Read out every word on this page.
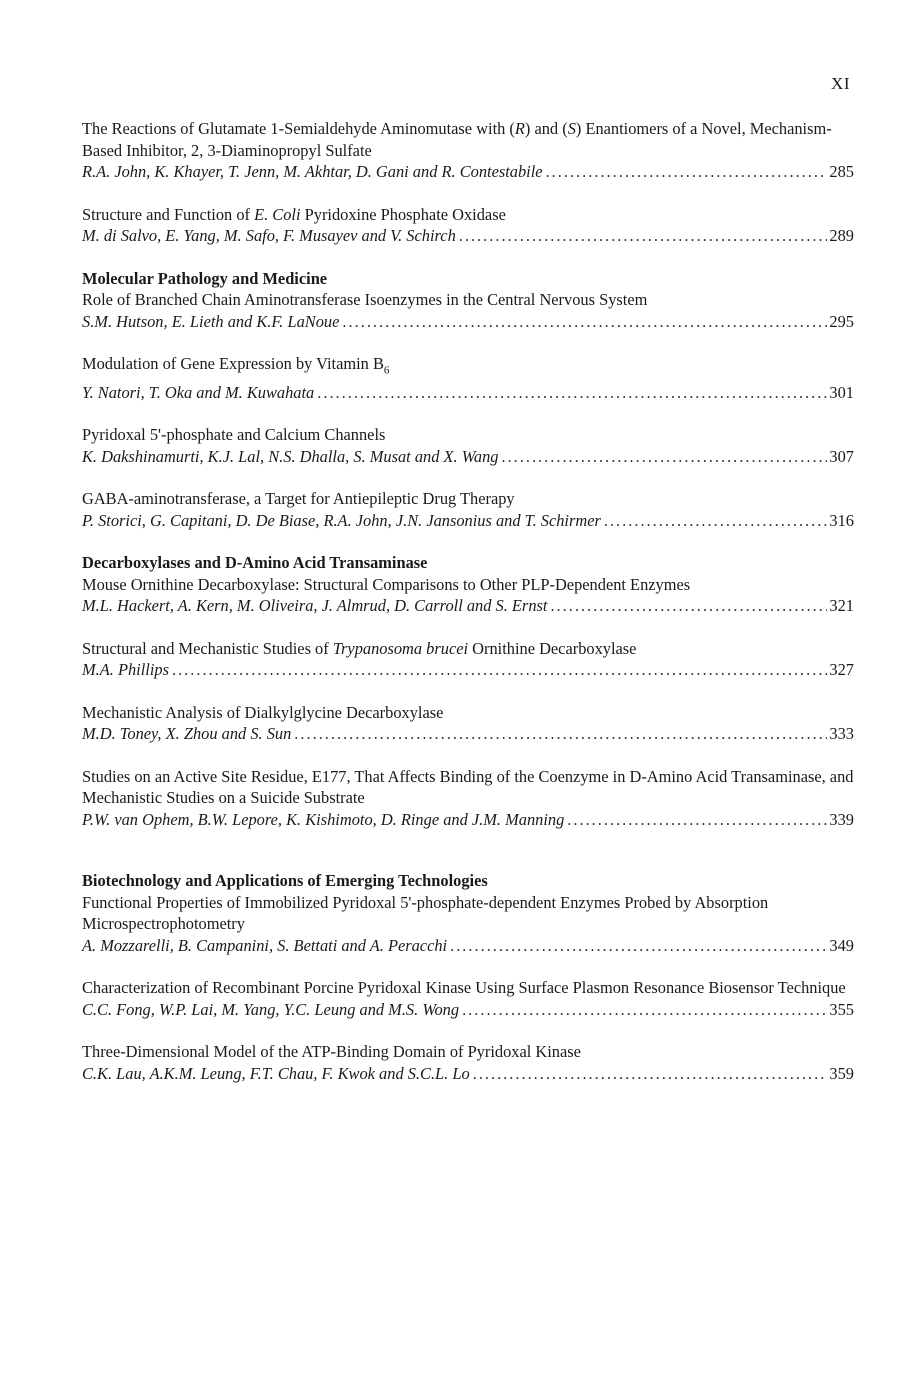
XI
The Reactions of Glutamate 1-Semialdehyde Aminomutase with (R) and (S) Enantiomers of a Novel, Mechanism-Based Inhibitor, 2, 3-Diaminopropyl Sulfate
R.A. John, K. Khayer, T. Jenn, M. Akhtar, D. Gani and R. Contestabile .....	285
Structure and Function of E. Coli Pyridoxine Phosphate Oxidase
M. di Salvo, E. Yang, M. Safo, F. Musayev and V. Schirch .....	289
Molecular Pathology and Medicine
Role of Branched Chain Aminotransferase Isoenzymes in the Central Nervous System
S.M. Hutson, E. Lieth and K.F. LaNoue .....	295
Modulation of Gene Expression by Vitamin $B_6$
Y. Natori, T. Oka and M. Kuwahata .....	301
Pyridoxal 5'-phosphate and Calcium Channels
K. Dakshinamurti, K.J. Lal, N.S. Dhalla, S. Musat and X. Wang .....	307
GABA-aminotransferase, a Target for Antiepileptic Drug Therapy
P. Storici, G. Capitani, D. De Biase, R.A. John, J.N. Jansonius and T. Schirmer .....	316
Decarboxylases and D-Amino Acid Transaminase
Mouse Ornithine Decarboxylase: Structural Comparisons to Other PLP-Dependent Enzymes
M.L. Hackert, A. Kern, M. Oliveira, J. Almrud, D. Carroll and S. Ernst .....	321
Structural and Mechanistic Studies of Trypanosoma brucei Ornithine Decarboxylase
M.A. Phillips .....	327
Mechanistic Analysis of Dialkylglycine Decarboxylase
M.D. Toney, X. Zhou and S. Sun .....	333
Studies on an Active Site Residue, E177, That Affects Binding of the Coenzyme in D-Amino Acid Transaminase, and Mechanistic Studies on a Suicide Substrate
P.W. van Ophem, B.W. Lepore, K. Kishimoto, D. Ringe and J.M. Manning .....	339
Biotechnology and Applications of Emerging Technologies
Functional Properties of Immobilized Pyridoxal 5'-phosphate-dependent Enzymes Probed by Absorption Microspectrophotometry
A. Mozzarelli, B. Campanini, S. Bettati and A. Peracchi .....	349
Characterization of Recombinant Porcine Pyridoxal Kinase Using Surface Plasmon Resonance Biosensor Technique
C.C. Fong, W.P. Lai, M. Yang, Y.C. Leung and M.S. Wong .....	355
Three-Dimensional Model of the ATP-Binding Domain of Pyridoxal Kinase
C.K. Lau, A.K.M. Leung, F.T. Chau, F. Kwok and S.C.L. Lo .....	359
